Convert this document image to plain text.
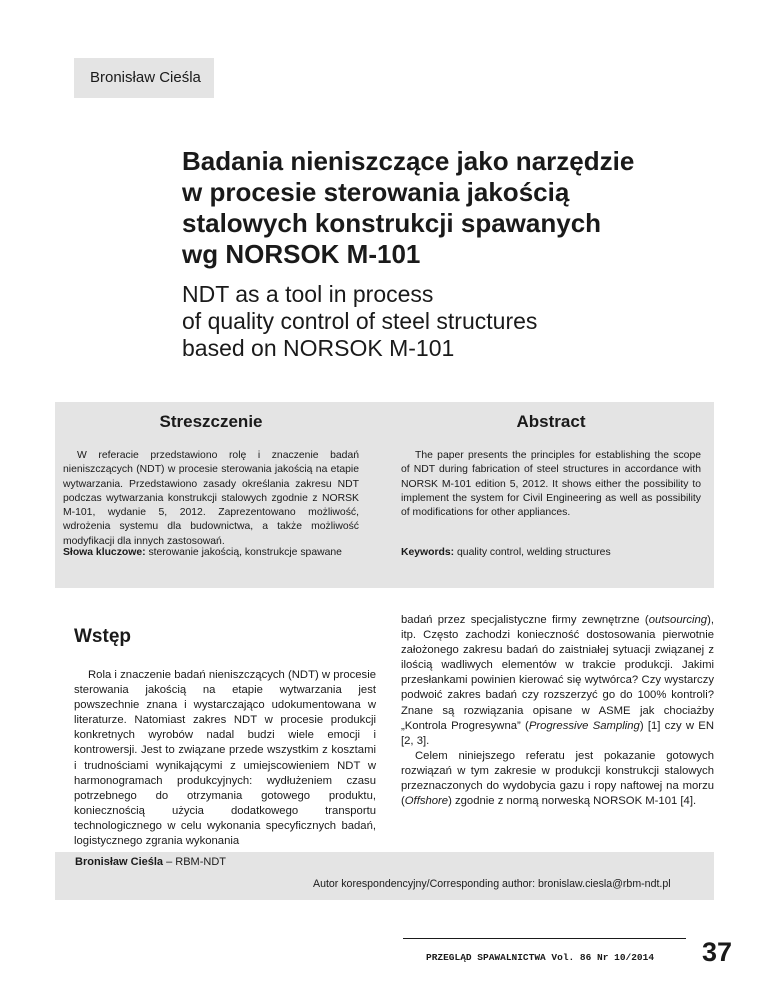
Bronisław Cieśla
Badania nieniszczące jako narzędzie
w procesie sterowania jakością
stalowych konstrukcji spawanych
wg NORSOK M-101
NDT as a tool in process
of quality control of steel structures
based on NORSOK M-101
Streszczenie

W referacie przedstawiono rolę i znaczenie badań nieniszczących (NDT) w procesie sterowania jakością na etapie wytwarzania. Przedstawiono zasady określania zakresu NDT podczas wytwarzania konstrukcji stalowych zgodnie z NORSK M-101, wydanie 5, 2012. Zaprezentowano możliwość, wdrożenia systemu dla budownictwa, a także możliwość modyfikacji dla innych zastosowań.

Słowa kluczowe: sterowanie jakością, konstrukcje spawane

Abstract

The paper presents the principles for establishing the scope of NDT during fabrication of steel structures in accordance with NORSK M-101 edition 5, 2012. It shows either the possibility to implement the system for Civil Engineering as well as possibility of modifications for other appliances.

Keywords: quality control, welding structures

Wstęp

Rola i znaczenie badań nieniszczących (NDT) w procesie sterowania jakością na etapie wytwarzania jest powszechnie znana i wystarczająco udokumentowana w literaturze. Natomiast zakres NDT w procesie produkcji konkretnych wyrobów nadal budzi wiele emocji i kontrowersji. Jest to związane przede wszystkim z kosztami i trudnościami wynikającymi z umiejscowieniem NDT w harmonogramach produkcyjnych: wydłużeniem czasu potrzebnego do otrzymania gotowego produktu, koniecznością użycia dodatkowego transportu technologicznego w celu wykonania specyficznych badań, logistycznego zgrania wykonania

badań przez specjalistyczne firmy zewnętrzne (outsourcing), itp. Często zachodzi konieczność dostosowania pierwotnie założonego zakresu badań do zaistniałej sytuacji związanej z ilością wadliwych elementów w trakcie produkcji. Jakimi przesłankami powinien kierować się wytwórca? Czy wystarczy podwoić zakres badań czy rozszerzyć go do 100% kontroli? Znane są rozwiązania opisane w ASME jak chociażby „Kontrola Progresywna” (Progressive Sampling) [1] czy w EN [2, 3].

Celem niniejszego referatu jest pokazanie gotowych rozwiązań w tym zakresie w produkcji konstrukcji stalowych przeznaczonych do wydobycia gazu i ropy naftowej na morzu (Offshore) zgodnie z normą norweską NORSOK M-101 [4].

Bronisław Cieśla – RBM-NDT
Autor korespondencyjny/Corresponding author: bronislaw.ciesla@rbm-ndt.pl
PRZEGLĄD SPAWALNICTWA Vol. 86 Nr 10/2014 37
